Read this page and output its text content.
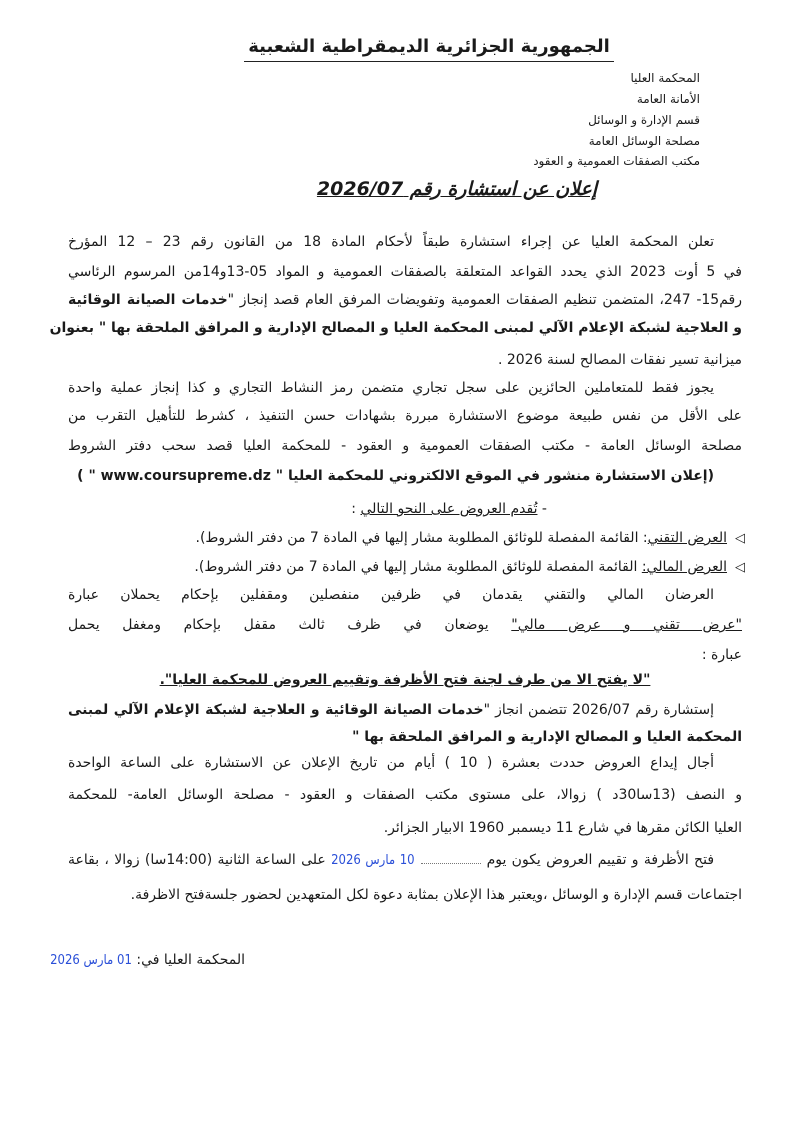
الجمهورية الجزائرية الديمقراطية الشعبية
المحكمة العليا
الأمانة العامة
قسم الإدارة و الوسائل
مصلحة الوسائل العامة
مكتب الصفقات العمومية و العقود
إعلان عن استشارة رقم 2026/07
تعلن المحكمة العليا عن إجراء استشارة طبقاً لأحكام المادة 18 من القانون رقم 23 – 12 المؤرخ
في 5 أوت 2023 الذي يحدد القواعد المتعلقة بالصفقات العمومية و المواد 05-13و14من المرسوم الرئاسي
رقم15- 247، المتضمن تنظيم الصفقات العمومية وتفويضات المرفق العام قصد إنجاز "خدمات الصيانة الوقائية
و العلاجية لشبكة الإعلام الآلي لمبنى المحكمة العليا و المصالح الإدارية و المرافق الملحقة بها " بعنوان
ميزانية تسير نفقات المصالح لسنة 2026 .
يجوز فقط للمتعاملين الحائزين على سجل تجاري متضمن رمز النشاط التجاري و كذا إنجاز عملية واحدة
على الأقل من نفس طبيعة موضوع الاستشارة مبررة بشهادات حسن التنفيذ ، كشرط للتأهيل التقرب من
مصلحة الوسائل العامة - مكتب الصفقات العمومية و العقود - للمحكمة العليا قصد سحب دفتر الشروط
(إعلان الاستشارة منشور في الموقع الالكتروني للمحكمة العليا " www.coursupreme.dz " )
- تُقدم العروض على النحو التالي :
◁العرض التقني: القائمة المفصلة للوثائق المطلوبة مشار إليها في المادة 7 من دفتر الشروط).
◁العرض المالي: القائمة المفصلة للوثائق المطلوبة مشار إليها في المادة 7 من دفتر الشروط).
العرضان المالي والتقني يقدمان في ظرفين منفصلين ومقفلين بإحكام يحملان عبارة
"عرض تقني و عرض مالي" يوضعان في ظرف ثالث مقفل بإحكام ومغفل يحمل
عبارة :
"لا يفتح الا من طرف لجنة فتح الأظرفة وتقييم العروض للمحكمة العليا".
إستشارة رقم 2026/07 تتضمن انجاز "خدمات الصيانة الوقائية و العلاجية لشبكة الإعلام الآلي لمبنى
المحكمة العليا و المصالح الإدارية و المرافق الملحقة بها "
أجال إيداع العروض حددت بعشرة ( 10 ) أيام من تاريخ الإعلان عن الاستشارة على الساعة الواحدة
و النصف (13سا30د ) زوالا، على مستوى مكتب الصفقات و العقود - مصلحة الوسائل العامة- للمحكمة
العليا الكائن مقرها في شارع 11 ديسمبر 1960 الابيار الجزائر.
فتح الأظرفة و تقييم العروض يكون يوم10 مارس 2026 على الساعة الثانية (14:00سا) زوالا ، بقاعة
اجتماعات قسم الإدارة و الوسائل ،ويعتبر هذا الإعلان بمثابة دعوة لكل المتعهدين لحضور جلسةفتح الاظرفة.
المحكمة العليا في: 01 مارس 2026
